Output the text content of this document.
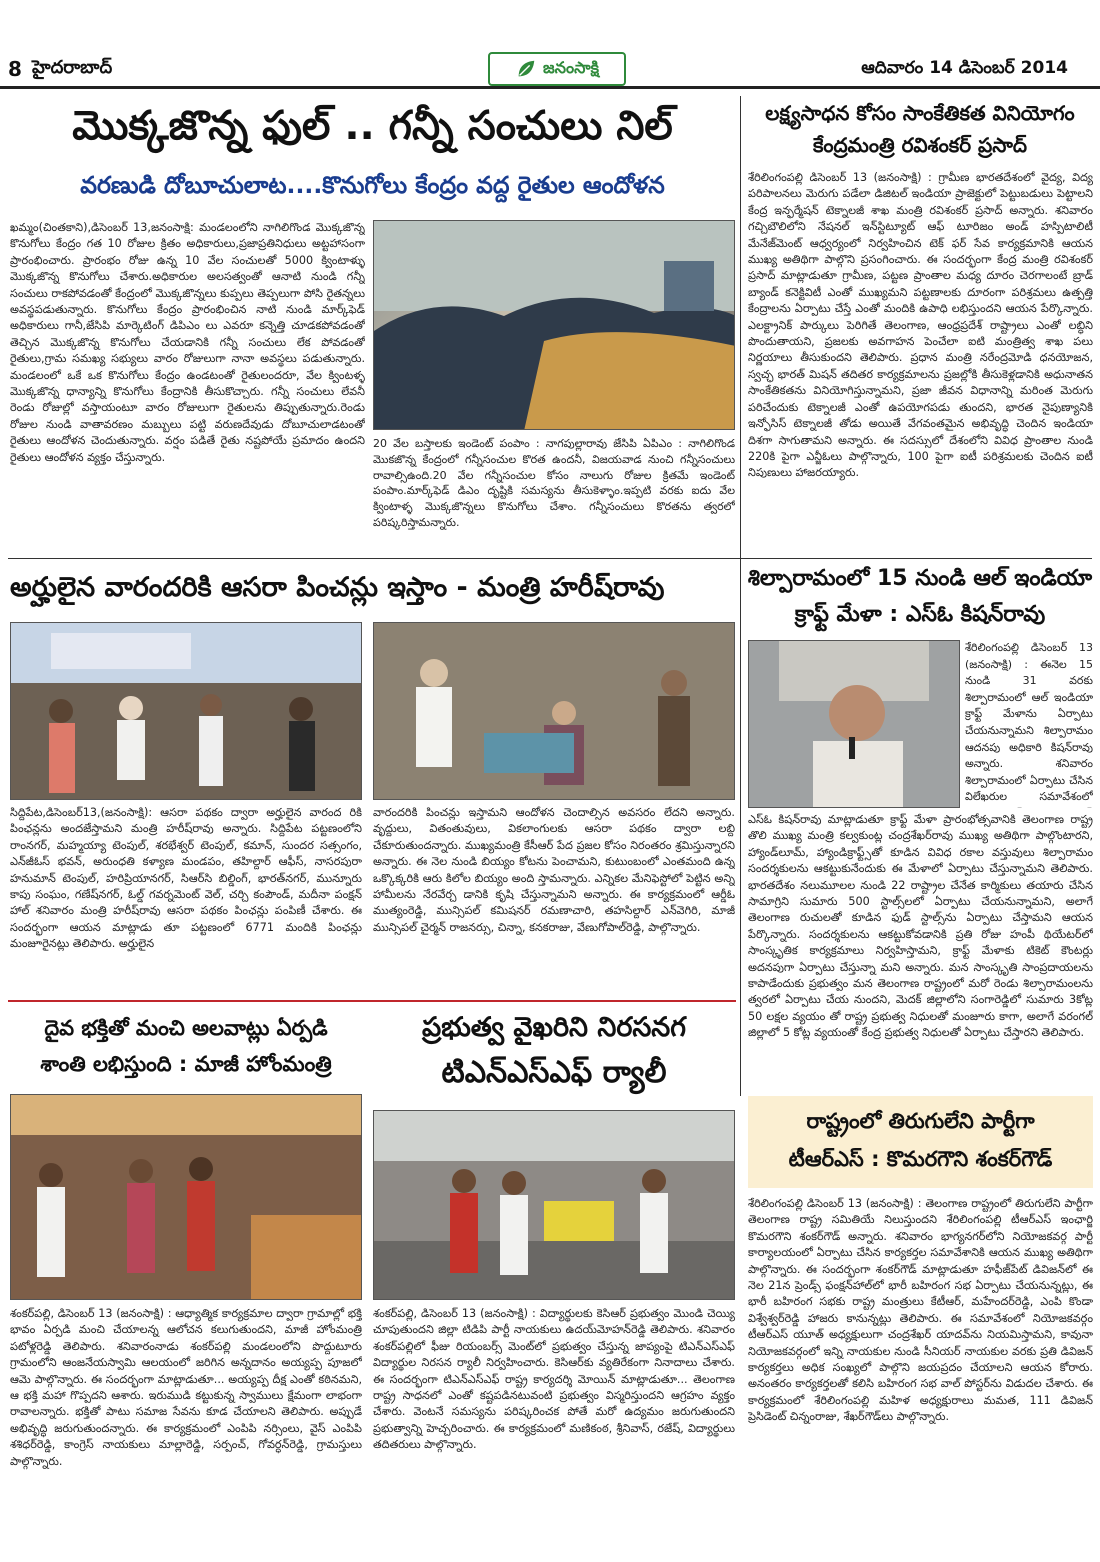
8 హైదరాబాద్	జనంసాక్షి	ఆదివారం 14 డిసెంబర్ 2014
మొక్కజొన్న ఫుల్ .. గన్నీ సంచులు నిల్
వరణుడి దోబూచులాట....కొనుగోలు కేంద్రం వద్ద రైతుల ఆందోళన
ఖమ్మం(చింతకాని),డిసెంబర్ 13,జనంసాక్షి: మండలంలోని నాగిలిగొండ మొక్కజొన్న కొనుగోలు కేంద్రం గత 10 రోజుల క్రితం అధికారులు,ప్రజాప్రతినిధులు అట్టహాసంగా ప్రారంభించారు. ప్రారంభం రోజు ఉన్న 10 వేల సంచులతో 5000 క్వింటాళ్ళు మొక్కజొన్న కొనుగోలు చేశారు.అధికారుల అలసత్వంతో ఆనాటి నుండి గన్నీ సంచులు రాకపోవడంతో కేంద్రంలో మొక్కజొన్నలు కుప్పలు తెప్పలుగా పోసి రైతన్నలు అవస్థపడుతున్నారు. కొనుగోలు కేంద్రం ప్రారంభించిన నాటి నుండి మార్క్‌ఫెడ్ అధికారులు గానీ,జేసిపి మార్కెటింగ్ డిపిఎం లు ఎవరూ కన్నెత్తి చూడకపోవడంతో తెచ్చిన మొక్కజొన్న కొనుగోలు చేయడానికి గన్నీ సంచులు లేక పోవడంతో రైతులు,గ్రామ సమఖ్య సభ్యులు వారం రోజులుగా నానా అవస్థలు పడుతున్నారు. మండలంలో ఒకే ఒక కొనుగోలు కేంద్రం ఉండటంతో రైతులందరూ, వేల క్వింటళ్ళ మొక్కజొన్న ధాన్యాన్ని కొనుగోలు కేంద్రానికి తీసుకొచ్చారు. గన్నీ సంచులు లేవనీ రెండు రోజుల్లో వస్తాయంటూ వారం రోజులుగా రైతులను తిప్పుతున్నారు.రెండు రోజుల నుండి వాతావరణం మబ్బులు పట్టి వరుణదేవుడు దోబూచులాడటంతో రైతులు ఆందోళన చెందుతున్నారు. వర్షం పడితే రైతు నష్టపోయే ప్రమాదం ఉందని రైతులు ఆందోళన వ్యక్తం చేస్తున్నారు.
20 వేల బస్తాలకు ఇండెంట్ పంపాం : నాగపుల్లారావు జేసిపి ఏపిఎం : నాగిలిగొండ మొకజొన్న కేంద్రంలో గన్నీసంచుల కొరత ఉందనీ, విజయవాడ నుంచి గన్నీసంచులు రావాల్సిఉంది.20 వేల గన్నీసంచుల కోసం నాలుగు రోజుల క్రితమే ఇండెంట్ పంపాం.మార్క్‌ఫెడ్ డిఎం దృష్టికి సమస్యను తీసుకెళ్ళాం.ఇప్పటి వరకు ఐదు వేల క్వింటాళ్ళ మొక్కజొన్నలు కొనుగోలు చేశాం. గన్నీసంచులు కొరతను త్వరలో పరిష్కరిస్తామన్నారు.
లక్ష్యసాధన కోసం సాంకేతికత వినియోగం
కేంద్రమంత్రి రవిశంకర్ ప్రసాద్
శేరిలింగంపల్లి డిసెంబర్ 13 (జనంసాక్షి) : గ్రామీణ భారతదేశంలో వైద్య, విద్య పరిపాలనలు మెరుగు పడేలా డిజిటల్ ఇండియా ప్రాజెక్టులో పెట్టుబడులు పెట్టాలని కేంద్ర ఇన్ఫర్మేషన్ టెక్నాలజీ శాఖ మంత్రి రవిశంకర్ ప్రసాద్ అన్నారు. శనివారం గచ్చిబౌలిలోని నేషనల్ ఇన్‌స్టిట్యూట్ ఆఫ్ టూరిజం అండ్ హస్పిటాలిటీ మేనేజ్‌మెంట్ ఆధ్వర్యంలో నిర్వహించిన టెక్ ఫర్ సేవ కార్యక్రమానికి ఆయన ముఖ్య అతిథిగా పాల్గొని ప్రసంగించారు. ఈ సందర్భంగా కేంద్ర మంత్రి రవిశంకర్ ప్రసాద్ మాట్లాడుతూ గ్రామీణ, పట్టణ ప్రాంతాల మధ్య దూరం చెరగాలంటే బ్రాడ్ బ్యాండ్ కనెక్టివిటీ ఎంతో ముఖ్యమని పట్టణాలకు దూరంగా పరిశ్రమలు ఉత్పత్తి కేంద్రాలను ఏర్పాటు చేస్తే ఎంతో మందికి ఉపాధి లభిస్తుందని ఆయన పేర్కొన్నారు. ఎలక్ట్రానిక్ పార్కులు పెరిగితే తెలంగాణ, ఆంధ్రప్రదేశ్ రాష్ట్రాలు ఎంతో లబ్ధిని పొందుతాయని, ప్రజలకు అవగాహన పెంచేలా ఐటి మంత్రిత్వ శాఖ పలు నిర్ణయాలు తీసుకుందని తెలిపారు. ప్రధాన మంత్రి నరేంద్రమోడి ధనయోజన, స్వచ్ఛ భారత్ మిషన్ తదితర కార్యక్రమాలను ప్రజల్లోకి తీసుకెళ్లడానికి అధునాతన సాంకేతికతను వినియోగిస్తున్నామని, ప్రజా జీవన విధానాన్ని మరింత మెరుగు పరిచేందుకు టెక్నాలజీ ఎంతో ఉపయోగపడు తుందని, భారత నైపుణ్యానికి ఇన్ఫోసిస్ టెక్నాలజీ తోడు అయితే వేగవంతమైన అభివృద్ధి చెందిన ఇండియా దిశగా సాగుతామని అన్నారు. ఈ సదస్సులో దేశంలోని వివిధ ప్రాంతాల నుండి 220కి పైగా ఎన్జీఓలు పాల్గొన్నారు, 100 పైగా ఐటీ పరిశ్రమలకు చెందిన ఐటీ నిపుణులు హాజరయ్యారు.
అర్హులైన వారందరికి ఆసరా పించన్లు ఇస్తాం - మంత్రి హరీష్‌రావు
సిద్దిపేట,డిసెంబర్13,(జనంసాక్షి): ఆసరా పథకం ద్వారా అర్హులైన వారంద రికి పింఛన్లను అందజేస్తామని మంత్రి హరీష్‌రావు అన్నారు. సిద్దిపేట పట్టణంలోని రాంనగర్, మహ్మయ్యా టెంపుల్, శరభేశ్వర్ టెంపుల్, కమాన్, సుందర సత్సంగం, ఎన్‌జీఓస్ భవన్, అరుంధతి కళ్యాణ మండపం, తహిల్దార్ ఆఫీస్, నాసరపురా హనుమాన్ టెంపుల్, హరిప్రియానగర్, సిఆర్‌సి బిల్డింగ్, భారత్‌నగర్, మున్నూరు కాపు సంఘం, గణేష్‌నగర్, ఓల్డ్ గవర్నమెంట్ వెల్, చర్చి కంపౌండ్, మదీనా పంక్షన్ హాల్ శనివారం మంత్రి హరీష్‌రావు ఆసరా పథకం పింఛన్లు పంపిణీ చేశారు. ఈ సందర్భంగా ఆయన మాట్లాడు తూ పట్టణంలో 6771 మందికి పింఛన్లు మంజూరైనట్లు తెలిపారు. అర్హులైన
వారందరికి పించన్లు ఇస్తామని ఆందోళన చెందాల్సిన అవసరం లేదని అన్నారు. వృద్దులు, వితంతువులు, వికలాంగులకు ఆసరా పథకం ద్వారా లబ్ది చేకూరుతుందన్నారు. ముఖ్యమంత్రి కేసీఆర్ పేద ప్రజల కోసం నిరంతరం శ్రమిస్తున్నారని అన్నారు. ఈ నెల నుండి బియ్యం కోటను పెంచామని, కుటుంబంలో ఎంతమంది ఉన్న ఒక్కొక్కరికి ఆరు కిలోల బియ్యం అంది స్తామన్నారు. ఎన్నికల మేనిఫెస్టోలో పెట్టిన అన్ని హామీలను నేరవేర్చ డానికి కృషి చేస్తున్నామని అన్నారు. ఈ కార్యక్రమంలో ఆర్డీఓ ముత్యంరెడ్డి, మున్సిపల్ కమిషనర్ రమణాచారి, తహసిల్దార్ ఎన్‌వెగిరి, మాజీ మున్సిపల్ చైర్మన్ రాజనర్సు, చిన్నా, కనకరాజు, వేణుగోపాల్‌రెడ్డి, పాల్గొన్నారు.
శిల్పారామంలో 15 నుండి ఆల్ ఇండియా
క్రాఫ్ట్ మేళా : ఎస్‌ఓ కిషన్‌రావు
శేరిలింగంపల్లి డిసెంబర్ 13 (జనంసాక్షి) : ఈనెల 15 నుండి 31 వరకు శిల్పారామంలో ఆల్ ఇండియా క్రాఫ్ట్ మేళాను ఏర్పాటు చేయనున్నామని శిల్పారామం ఆదనపు అధికారి కిషన్‌రావు అన్నారు. శనివారం శిల్పారామంలో ఏర్పాటు చేసిన విలేఖరుల సమావేశంలో
ఎస్‌ఓ కిషన్‌రావు మాట్లాడుతూ క్రాఫ్ట్ మేళా ప్రారంభోత్సవానికి తెలంగాణ రాష్ట్ర తొలి ముఖ్య మంత్రి కల్వకుంట్ల చంద్రశేఖర్‌రావు ముఖ్య అతిథిగా పాల్గొంటారని, హ్యాండ్‌లూమ్, హ్యాండిక్రాఫ్ట్స్‌తో కూడిన వివిధ రకాల వస్తువులు శిల్పారామం సందర్శకులను ఆకట్టుకునేందుకు ఈ మేళాలో ఏర్పాటు చేస్తున్నామని తెలిపారు. భారతదేశం నలుమూలల నుండి 22 రాష్ట్రాల చేనేత కార్మికులు తయారు చేసిన సామాగ్రిని సుమారు 500 స్టాల్స్‌లలో ఏర్పాటు చేయనున్నామని, అలాగే తెలంగాణ రుచులతో కూడిన ఫుడ్ స్టాల్స్‌ను ఏర్పాటు చేస్తామని ఆయన పేర్కొన్నారు. సందర్శకులను ఆకట్టుకోవడానికి ప్రతి రోజు హంపీ థియేటర్‌లో సాంస్కృతిక కార్యక్రమాలు నిర్వహిస్తామని, క్రాఫ్ట్ మేళాకు టికెట్ కౌంటర్లు అదనపుగా ఏర్పాటు చేస్తున్నా మని అన్నారు. మన సాంస్కృతి సాంప్రదాయలను కాపాడేందుకు ప్రభుత్వం మన తెలంగాణ రాష్ట్రంలో మరో రెండు శిల్పారామంలను త్వరలో ఏర్పాటు చేయ నుందని, మెదక్ జిల్లాలోని సంగారెడ్డిలో సుమారు 3కోట్ల 50 లక్షల వ్యయం తో రాష్ట్ర ప్రభుత్వ నిధులతో మంజూరు కాగా, అలాగే వరంగల్ జిల్లాలో 5 కోట్ల వ్యయంతో కేంద్ర ప్రభుత్వ నిధులతో ఏర్పాటు చేస్తారని తెలిపారు.
దైవ భక్తితో మంచి అలవాట్లు ఏర్పడి
శాంతి లభిస్తుంది : మాజీ హోంమంత్రి
శంకర్‌పల్లి, డిసెంబర్ 13 (జనంసాక్షి) : ఆధ్యాత్మిక కార్యక్రమాల ద్వారా గ్రామాల్లో భక్తి భావం ఏర్పడి మంచి చేయాలన్న ఆలోచన కలుగుతుందని, మాజీ హోంమంత్రి పటోళ్లరెడ్డి తెలిపారు. శనివారంనాడు శంకర్‌పల్లి మండలంలోని పొద్దుటూరు గ్రామంలోని ఆంజనేయస్వామి ఆలయంలో జరిగిన అన్నదానం అయ్యప్ప పూజలో ఆమె పాల్గొన్నారు. ఈ సందర్భంగా మాట్లాడుతూ... అయ్యప్ప దీక్ష ఎంతో కఠినమని, ఆ భక్తి మహా గొప్పదని ఆశారు. ఇరుముడి కట్టుకున్న స్వాములు క్షేమంగా లాభంగా రావాలన్నారు. భక్తితో పాటు సమాజ సేవను కూడ చేయాలని తెలిపారు. అప్పుడే అభివృద్ధి జరుగుతుందన్నారు. ఈ కార్యక్రమంలో ఎంపిపి నర్సింలు, వైస్ ఎంపిపి శశిధర్‌రెడ్డి, కాంగ్రెస్ నాయకులు మాల్లారెడ్డి, సర్పంచ్, గోవర్ధన్‌రెడ్డి, గ్రామస్తులు పాల్గొన్నారు.
ప్రభుత్వ వైఖరిని నిరసనగ
టిఎన్ఎస్ఎఫ్ ర్యాలీ
శంకర్‌పల్లి, డిసెంబర్ 13 (జనంసాక్షి) : విద్యార్థులకు కెసిఆర్ ప్రభుత్వం మొండి చెయ్యి చూపుతుందని జిల్లా టిడిపి పార్టీ నాయకులు ఉదయ్‌మోహన్‌రెడ్డి తెలిపారు. శనివారం శంకర్‌పల్లిలో ఫీజు రియంబర్స్ మెంట్‌లో ప్రభుత్వం చేస్తున్న జాప్యంపై టిఎన్ఎస్ఎఫ్ విద్యార్థుల నిరసన ర్యాలీ నిర్వహించారు. కెసిఆర్‌కు వ్యతిరేకంగా నినాదాలు చేశారు. ఈ సందర్భంగా టిఎన్ఎస్ఎఫ్ రాష్ట్ర కార్యదర్శి మోయిన్ మాట్లాడుతూ... తెలంగాణ రాష్ట్ర సాధనలో ఎంతో కష్టపడినటువంటి ప్రభుత్వం విస్మరిస్తుందని ఆగ్రహం వ్యక్తం చేశారు. వెంటనే సమస్యను పరిష్కరించక పోతే మరో ఉద్యమం జరుగుతుందని ప్రభుత్వాన్ని హెచ్చరించారు. ఈ కార్యక్రమంలో మణికంఠ, శ్రీనివాస్, రజేష్, విద్యార్థులు తదితరులు పాల్గొన్నారు.
రాష్ట్రంలో తిరుగులేని పార్టీగా
టీఆర్ఎస్ : కొమరగౌని శంకర్‌గౌడ్
శేరిలింగంపల్లి డిసెంబర్ 13 (జనంసాక్షి) : తెలంగాణ రాష్ట్రంలో తిరుగులేని పార్టీగా తెలంగాణ రాష్ట్ర సమితియే నిలుస్తుందని శేరిలింగంపల్లి టీఆర్ఎస్ ఇంఛార్జి కొమరగౌని శంకర్‌గౌడ్ అన్నారు. శనివారం భాగ్యనగర్‌లోని నియోజకవర్గ పార్టీ కార్యాలయంలో ఏర్పాటు చేసిన కార్యకర్తల సమావేశానికి ఆయన ముఖ్య అతిథిగా పాల్గొన్నారు. ఈ సందర్భంగా శంకర్‌గౌడ్ మాట్లాడుతూ హఫీజ్‌పేట్ డివిజన్‌లో ఈ నెల 21న ప్రెండ్స్ ఫంక్షన్‌హాల్‌లో భారీ బహిరంగ సభ ఏర్పాటు చేయనున్నట్లు, ఈ భారీ బహిరంగ సభకు రాష్ట్ర మంత్రులు కేటీఆర్, మహేందర్‌రెడ్డి, ఎంపి కొండా విశ్వేశ్వర్‌రెడ్డి హాజరు కానున్నట్లు తెలిపారు. ఈ సమావేశంలో నియోజకవర్గం టీఆర్ఎస్ యూత్ అధ్యక్షులుగా చంద్రశేఖర్ యాదవ్‌ను నియమిస్తామని, కావునా నియోజకవర్గంలో ఇన్ని నాయకుల నుండి సీనియర్ నాయకుల వరకు ప్రతి డివిజన్ కార్యకర్తలు అధిక సంఖ్యలో పాల్గొని జయప్రదం చేయాలని ఆయన కోరారు. అనంతరం కార్యకర్తలతో కలిసి బహిరంగ సభ వాల్ పోస్టర్‌ను విడుదల చేశారు. ఈ కార్యక్రమంలో శేరిలింగంపల్లి మహిళ అధ్యక్షురాలు మమత, 111 డివిజన్ ప్రెసిడెంట్ చిన్నంరాజు, శేఖర్‌గౌడ్‌లు పాల్గొన్నారు.
